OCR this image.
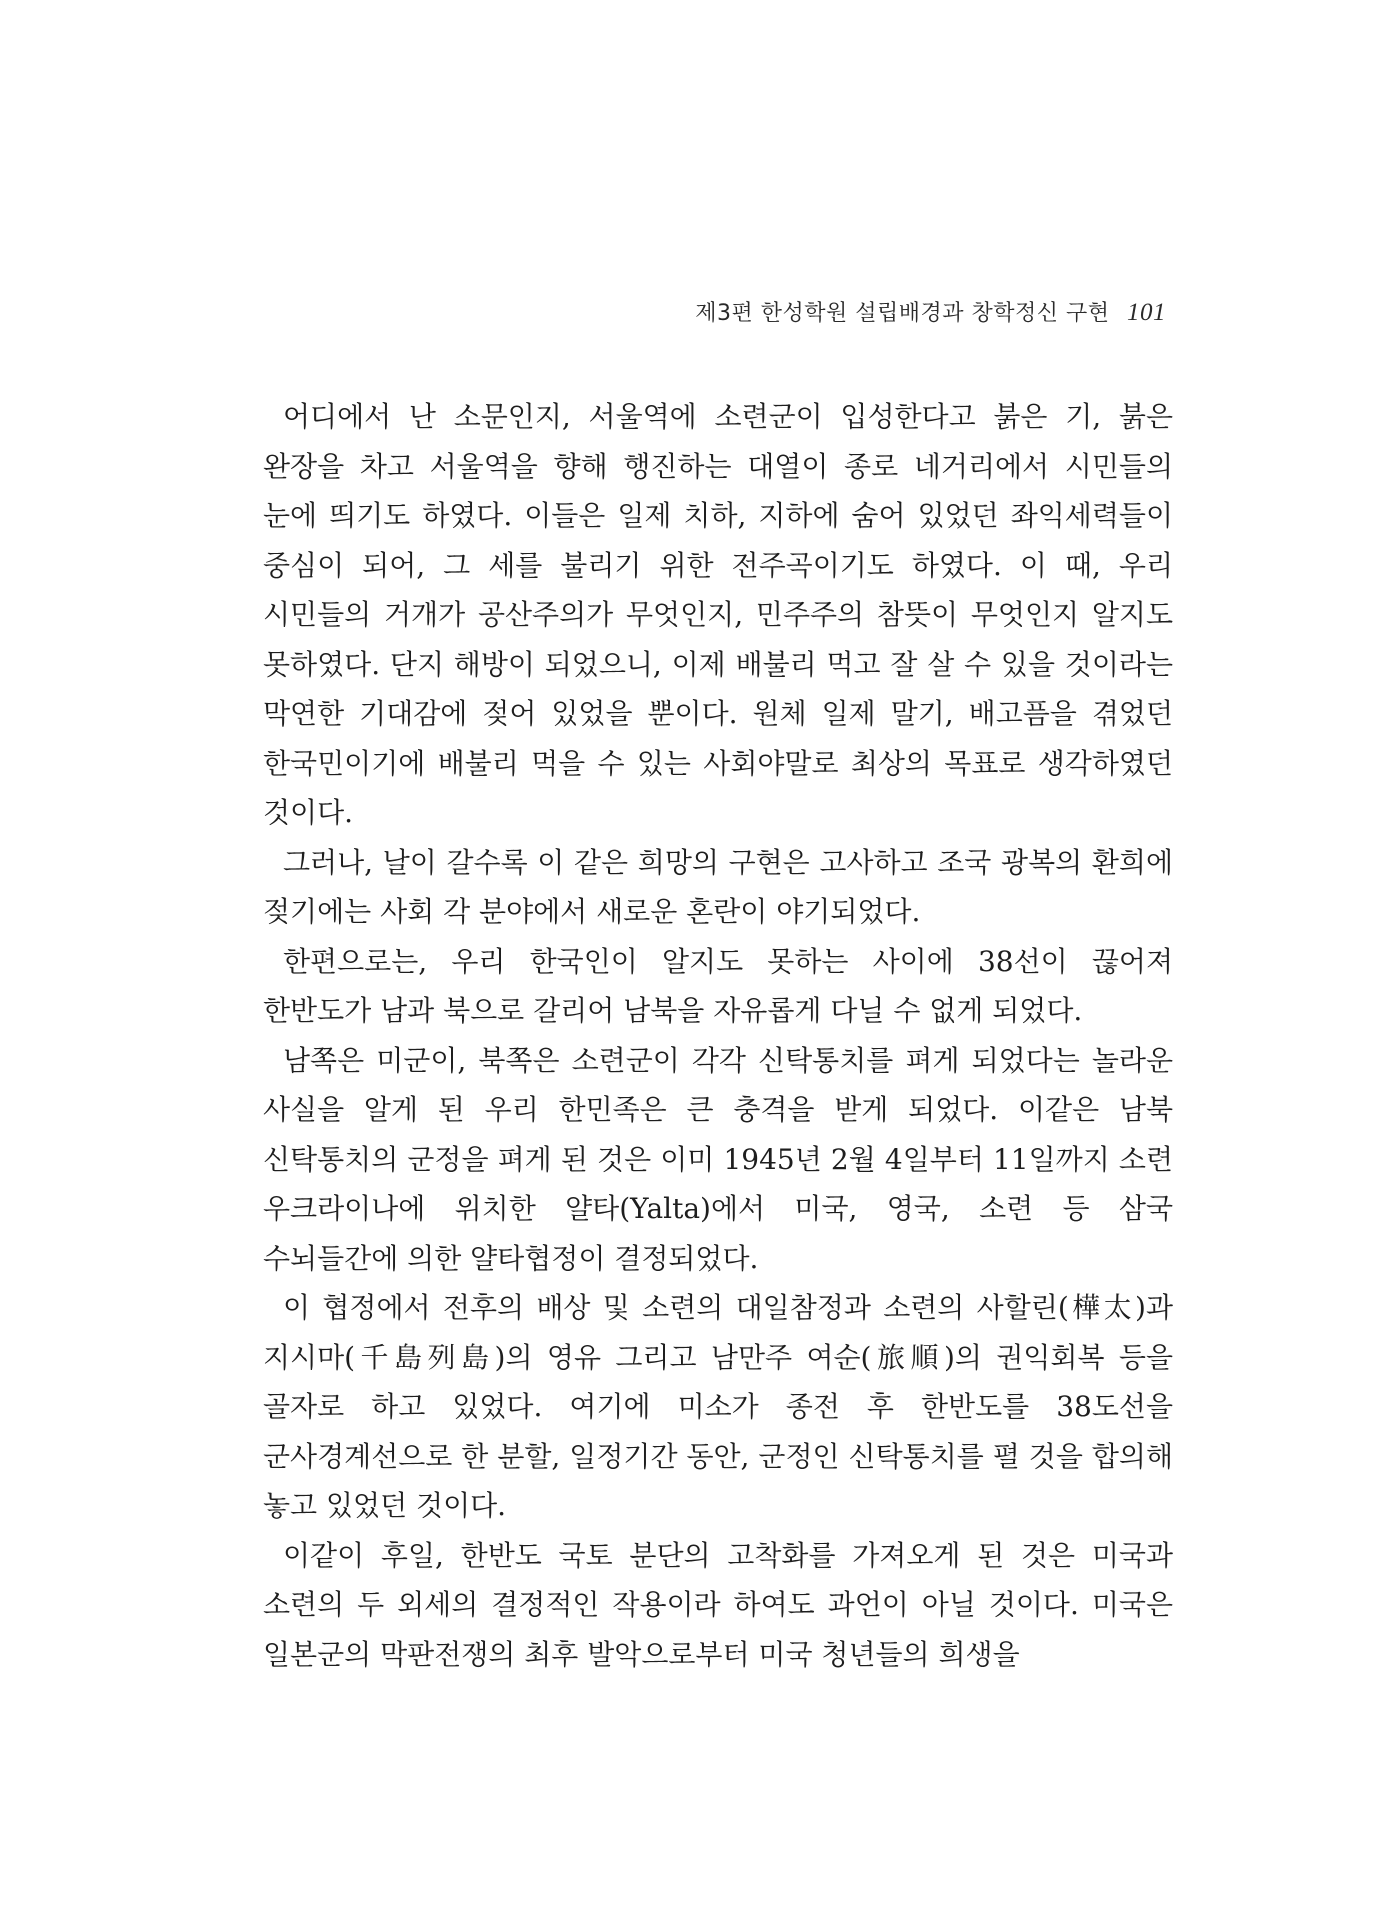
제3편 한성학원 설립배경과 창학정신 구현 101

어디에서 난 소문인지, 서울역에 소련군이 입성한다고 붉은 기, 붉은 완장을 차고 서울역을 향해 행진하는 대열이 종로 네거리에서 시민들의 눈에 띄기도 하였다. 이들은 일제 치하, 지하에 숨어 있었던 좌익세력들이 중심이 되어, 그 세를 불리기 위한 전주곡이기도 하였다. 이 때, 우리 시민들의 거개가 공산주의가 무엇인지, 민주주의 참뜻이 무엇인지 알지도 못하였다. 단지 해방이 되었으니, 이제 배불리 먹고 잘 살 수 있을 것이라는 막연한 기대감에 젖어 있었을 뿐이다. 원체 일제 말기, 배고픔을 겪었던 한국민이기에 배불리 먹을 수 있는 사회야말로 최상의 목표로 생각하였던 것이다.

그러나, 날이 갈수록 이 같은 희망의 구현은 고사하고 조국 광복의 환희에 젖기에는 사회 각 분야에서 새로운 혼란이 야기되었다.

한편으로는, 우리 한국인이 알지도 못하는 사이에 38선이 끊어져 한반도가 남과 북으로 갈리어 남북을 자유롭게 다닐 수 없게 되었다.

남쪽은 미군이, 북쪽은 소련군이 각각 신탁통치를 펴게 되었다는 놀라운 사실을 알게 된 우리 한민족은 큰 충격을 받게 되었다. 이같은 남북 신탁통치의 군정을 펴게 된 것은 이미 1945년 2월 4일부터 11일까지 소련 우크라이나에 위치한 얄타(Yalta)에서 미국, 영국, 소련 등 삼국 수뇌들간에 의한 얄타협정이 결정되었다.

이 협정에서 전후의 배상 및 소련의 대일참정과 소련의 사할린(樺太)과 지시마(千島列島)의 영유 그리고 남만주 여순(旅順)의 권익회복 등을 골자로 하고 있었다. 여기에 미소가 종전 후 한반도를 38도선을 군사경계선으로 한 분할, 일정기간 동안, 군정인 신탁통치를 펼 것을 합의해 놓고 있었던 것이다.

이같이 후일, 한반도 국토 분단의 고착화를 가져오게 된 것은 미국과 소련의 두 외세의 결정적인 작용이라 하여도 과언이 아닐 것이다. 미국은 일본군의 막판전쟁의 최후 발악으로부터 미국 청년들의 희생을
